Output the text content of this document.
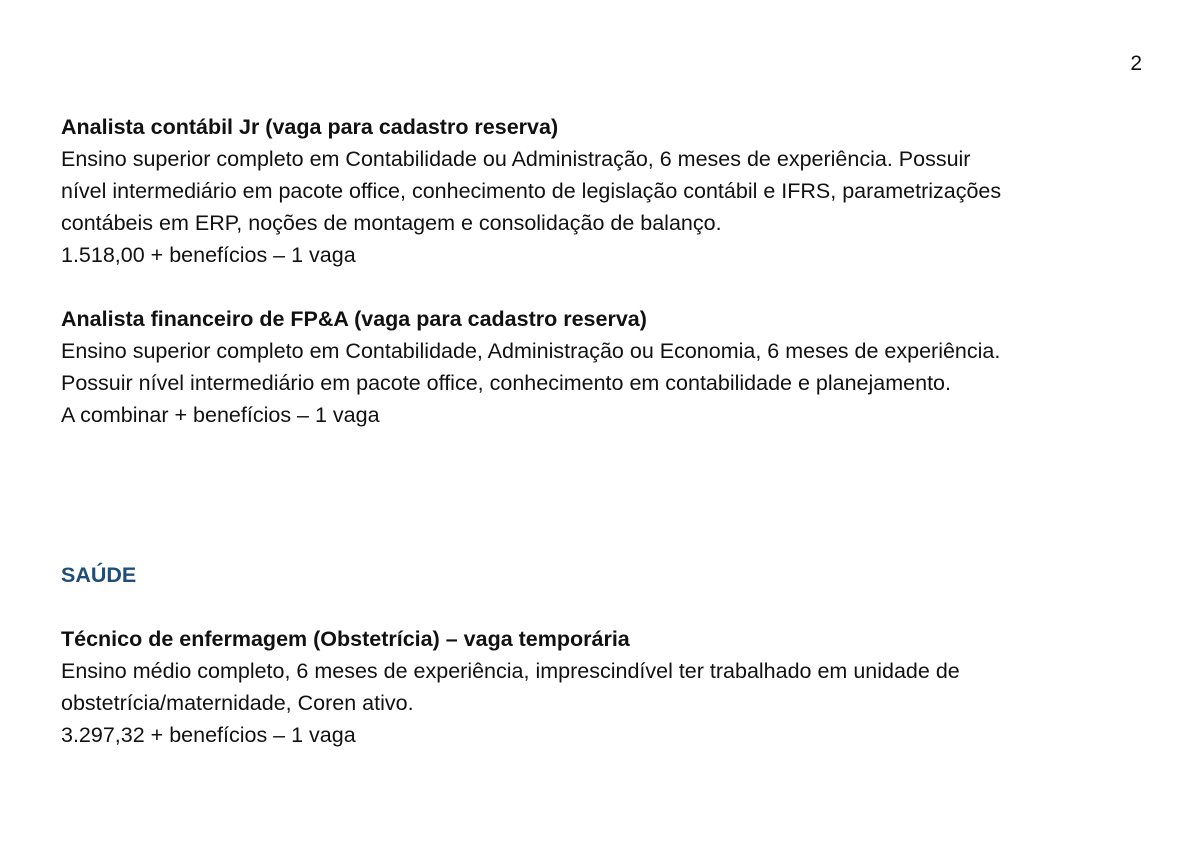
2

Analista contábil Jr (vaga para cadastro reserva)

Ensino superior completo em Contabilidade ou Administração, 6 meses de experiência. Possuir

nível intermediário em pacote office, conhecimento de legislação contábil e IFRS, parametrizações

contábeis em ERP, noções de montagem e consolidação de balanço.

1.518,00 + benefícios – 1 vaga

Analista financeiro de FP&A (vaga para cadastro reserva)

Ensino superior completo em Contabilidade, Administração ou Economia, 6 meses de experiência.

Possuir nível intermediário em pacote office, conhecimento em contabilidade e planejamento.

A combinar + benefícios – 1 vaga

SAÚDE

Técnico de enfermagem (Obstetrícia) – vaga temporária

Ensino médio completo, 6 meses de experiência, imprescindível ter trabalhado em unidade de

obstetrícia/maternidade, Coren ativo.

3.297,32 + benefícios – 1 vaga
